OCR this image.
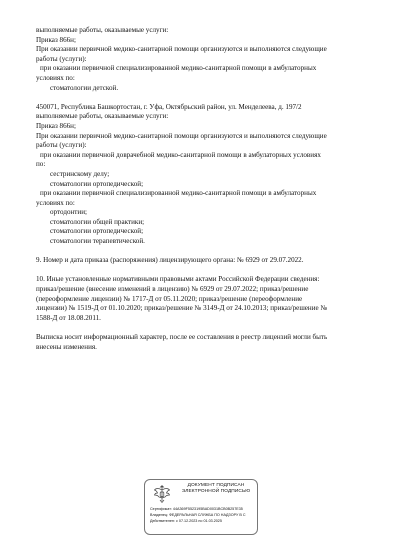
выполняемые работы, оказываемые услуги:
Приказ 866н;
При оказании первичной медико-санитарной помощи организуются и выполняются следующие
работы (услуги):
при оказании первичной специализированной медико-санитарной помощи в амбулаторных
условиях по:
стоматологии детской.
450071, Республика Башкортостан, г. Уфа, Октябрьский район, ул. Менделеева, д. 197/2
выполняемые работы, оказываемые услуги:
Приказ 866н;
При оказании первичной медико-санитарной помощи организуются и выполняются следующие
работы (услуги):
при оказании первичной доврачебной медико-санитарной помощи в амбулаторных условиях
по:
сестринскому делу;
стоматологии ортопедической;
при оказании первичной специализированной медико-санитарной помощи в амбулаторных
условиях по:
ортодонтии;
стоматологии общей практики;
стоматологии ортопедической;
стоматологии терапевтической.
9. Номер и дата приказа (распоряжения) лицензирующего органа: № 6929 от 29.07.2022.
10. Иные установленные нормативными правовыми актами Российской Федерации сведения:
приказ/решение (внесение изменений в лицензию) № 6929 от 29.07.2022; приказ/решение
(переоформление лицензии) № 1717-Д от 05.11.2020; приказ/решение (переоформление
лицензии) № 1519-Д от 01.10.2020; приказ/решение № 3149-Д от 24.10.2013; приказ/решение №
1588-Д от 18.08.2011.
Выписка носит информационный характер, после ее составления в реестр лицензий могли быть
внесены изменения.
ДОКУМЕНТ ПОДПИСАН
ЭЛЕКТРОННОЙ ПОДПИСЬЮ
Сертификат: 44A369F5523195BAD0031BCB0B257E35
Владелец: ФЕДЕРАЛЬНАЯ СЛУЖБА ПО НАДЗОРУ В С
Действителен: с 07.12.2023 по 01.03.2025
